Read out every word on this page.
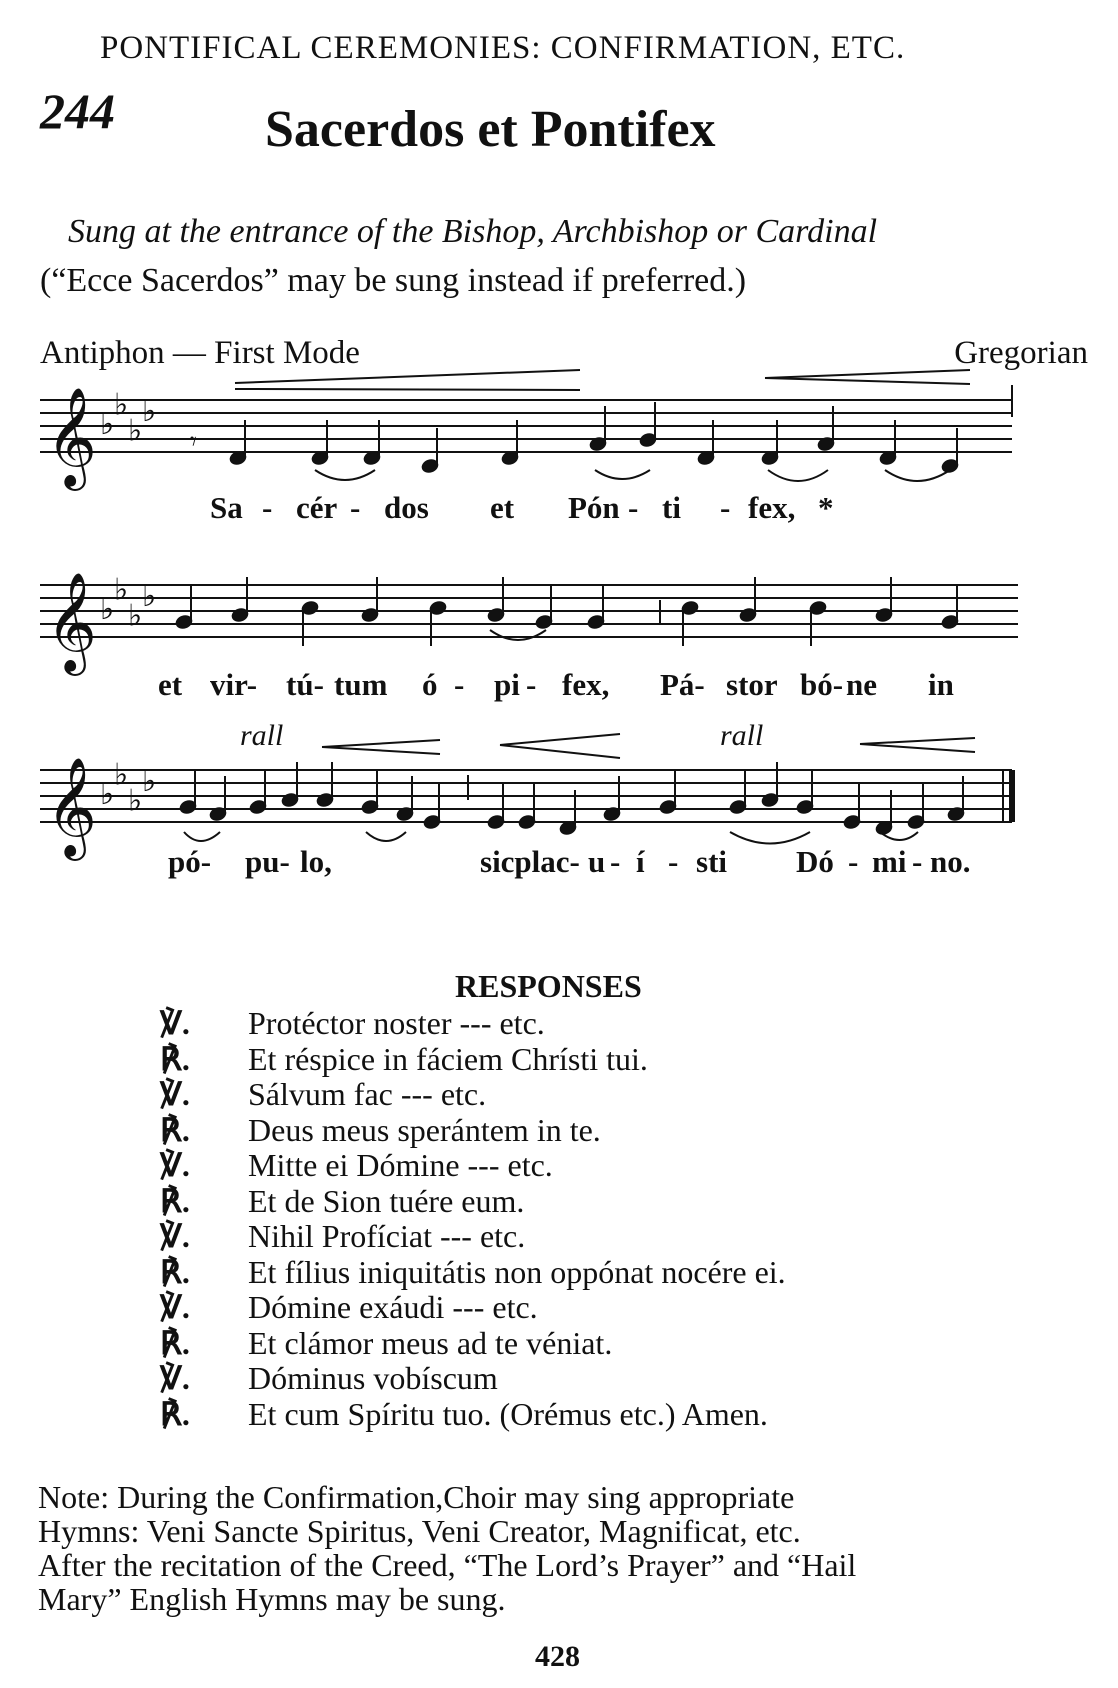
PONTIFICAL CEREMONIES: CONFIRMATION, ETC.
244	Sacerdos et Pontifex
Sung at the entrance of the Bishop, Archbishop or Cardinal
(“Ecce Sacerdos” may be sung instead if preferred.)
Antiphon — First Mode	Gregorian
𝄞 ♭
♭
♭
♭
𝄞 ♭
♭
♭
♭
𝄞 ♭
♭
♭
♭
𝄾
rall	rall
Sa - cér - dos et Pón - ti - fex, *
et vir- tú- tum ó - pi - fex, Pá- stor bó- ne in
pó- pu- lo,	sicplac- u - í - sti Dó - mi - no.
RESPONSES
℣. Protéctor noster --- etc.
℟. Et réspice in fáciem Chrísti tui.
℣. Sálvum fac --- etc.
℟. Deus meus sperántem in te.
℣. Mitte ei Dómine --- etc.
℟. Et de Sion tuére eum.
℣. Nihil Profíciat --- etc.
℟. Et fílius iniquitátis non oppónat nocére ei.
℣. Dómine exáudi --- etc.
℟. Et clámor meus ad te véniat.
℣. Dóminus vobíscum
℟. Et cum Spíritu tuo. (Orémus etc.) Amen.
Note: During the Confirmation,Choir may sing appropriate
Hymns: Veni Sancte Spiritus, Veni Creator, Magnificat, etc.
After the recitation of the Creed, “The Lord’s Prayer” and “Hail
Mary” English Hymns may be sung.
428
